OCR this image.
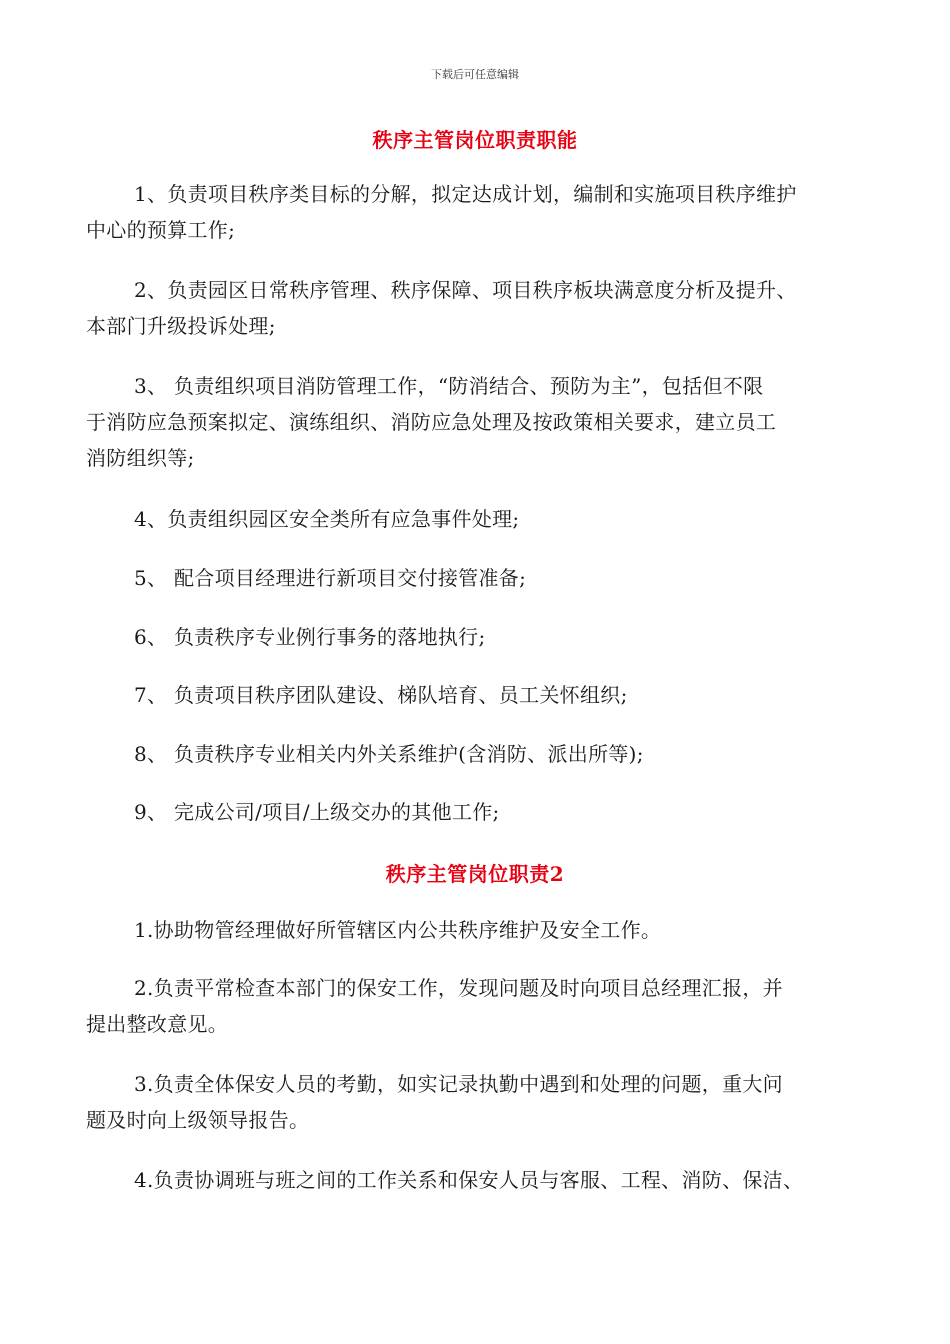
下载后可任意编辑
秩序主管岗位职责职能
1、负责项目秩序类目标的分解，拟定达成计划，编制和实施项目秩序维护
中心的预算工作;
2、负责园区日常秩序管理、秩序保障、项目秩序板块满意度分析及提升、
本部门升级投诉处理;
3、 负责组织项目消防管理工作，“防消结合、预防为主”，包括但不限
于消防应急预案拟定、演练组织、消防应急处理及按政策相关要求，建立员工
消防组织等;
4、负责组织园区安全类所有应急事件处理;
5、 配合项目经理进行新项目交付接管准备;
6、 负责秩序专业例行事务的落地执行;
7、 负责项目秩序团队建设、梯队培育、员工关怀组织;
8、 负责秩序专业相关内外关系维护(含消防、派出所等);
9、 完成公司/项目/上级交办的其他工作;
秩序主管岗位职责2
1.协助物管经理做好所管辖区内公共秩序维护及安全工作。
2.负责平常检查本部门的保安工作，发现问题及时向项目总经理汇报，并
提出整改意见。
3.负责全体保安人员的考勤，如实记录执勤中遇到和处理的问题，重大问
题及时向上级领导报告。
4.负责协调班与班之间的工作关系和保安人员与客服、工程、消防、保洁、
